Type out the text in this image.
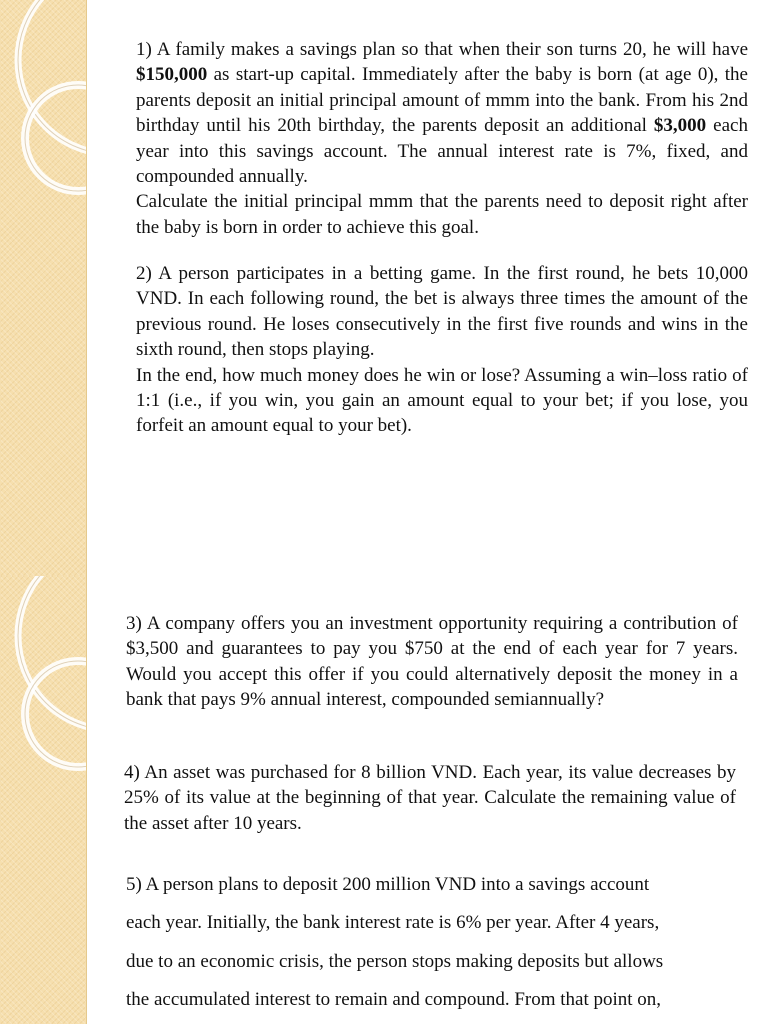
1) A family makes a savings plan so that when their son turns 20, he will have $150,000 as start-up capital. Immediately after the baby is born (at age 0), the parents deposit an initial principal amount of mmm into the bank. From his 2nd birthday until his 20th birthday, the parents deposit an additional $3,000 each year into this savings account. The annual interest rate is 7%, fixed, and compounded annually.
Calculate the initial principal mmm that the parents need to deposit right after the baby is born in order to achieve this goal.

2) A person participates in a betting game. In the first round, he bets 10,000 VND. In each following round, the bet is always three times the amount of the previous round. He loses consecutively in the first five rounds and wins in the sixth round, then stops playing.
In the end, how much money does he win or lose? Assuming a win–loss ratio of 1:1 (i.e., if you win, you gain an amount equal to your bet; if you lose, you forfeit an amount equal to your bet).

3) A company offers you an investment opportunity requiring a contribution of $3,500 and guarantees to pay you $750 at the end of each year for 7 years. Would you accept this offer if you could alternatively deposit the money in a bank that pays 9% annual interest, compounded semiannually?

4) An asset was purchased for 8 billion VND. Each year, its value decreases by 25% of its value at the beginning of that year. Calculate the remaining value of the asset after 10 years.

5) A person plans to deposit 200 million VND into a savings account
each year. Initially, the bank interest rate is 6% per year. After 4 years,
due to an economic crisis, the person stops making deposits but allows
the accumulated interest to remain and compound. From that point on,
